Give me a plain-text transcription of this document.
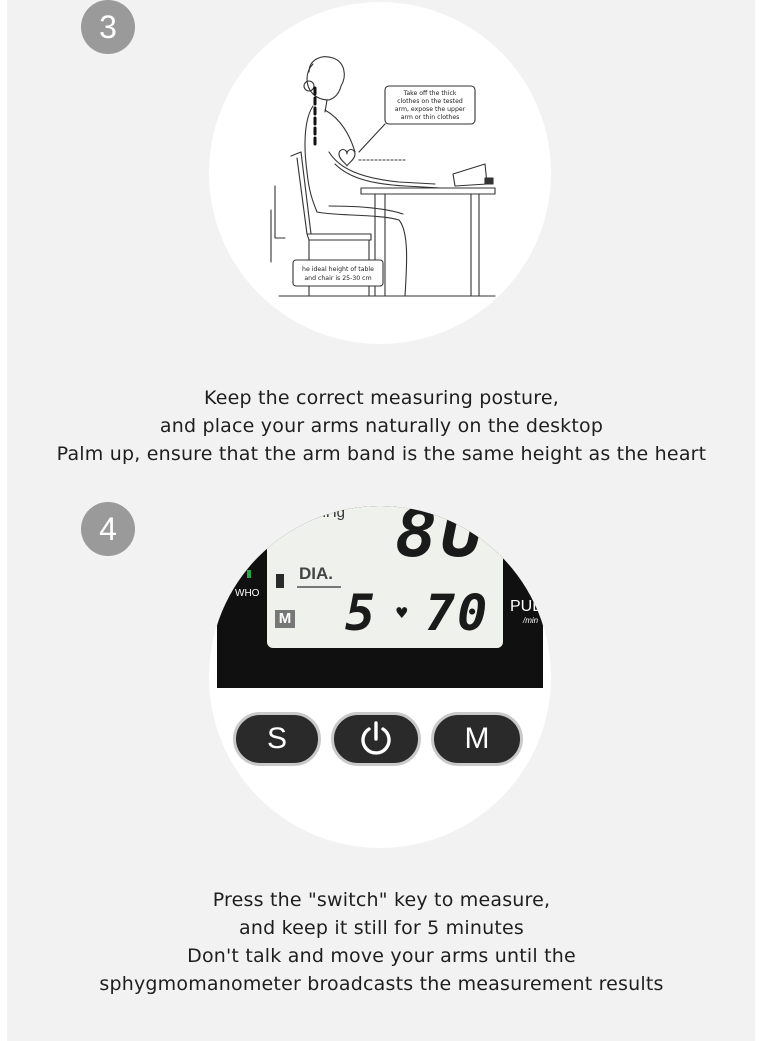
Take off the thick
clothes on the tested
arm, expose the upper
arm or thin clothes
he ideal height of table
and chair is 25-30 cm
3
Keep the correct measuring posture,
and place your arms naturally on the desktop
Palm up, ensure that the arm band is the same height as the heart
WHO
..mHg 8U
DIA.
M 5 ♥ 70 PUL
/min
S	M
4
Press the "switch" key to measure,
and keep it still for 5 minutes
Don't talk and move your arms until the
sphygmomanometer broadcasts the measurement results
